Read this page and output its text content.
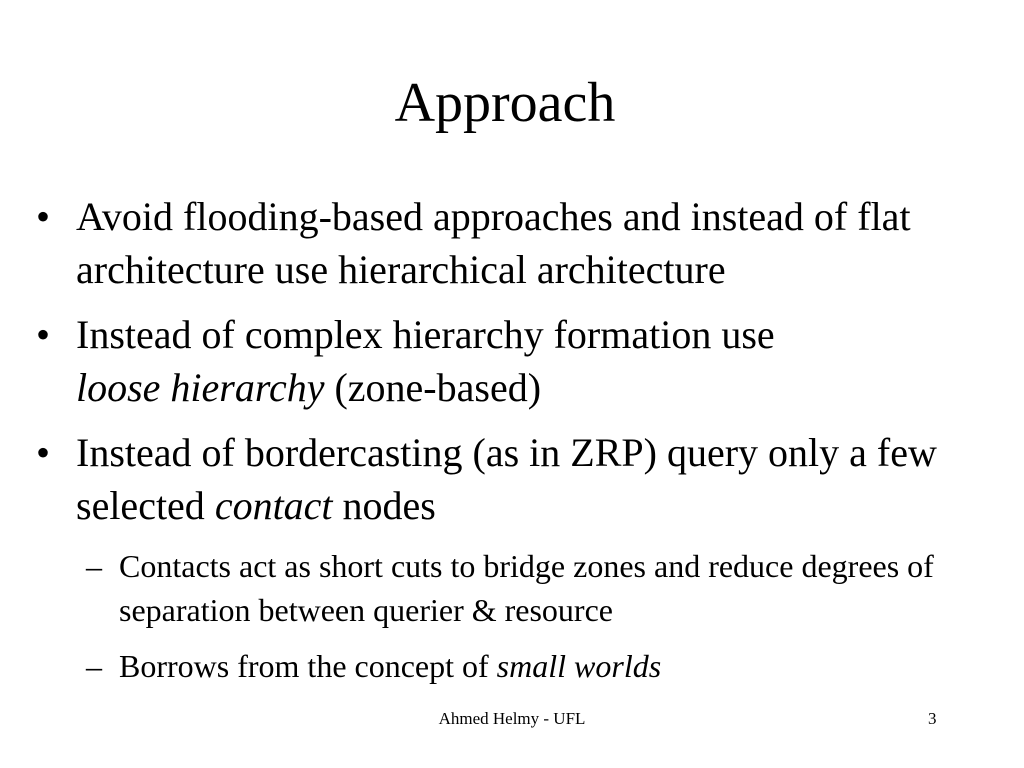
Approach
• Avoid flooding-based approaches and instead of flat architecture use hierarchical architecture
• Instead of complex hierarchy formation use
loose hierarchy (zone-based)
• Instead of bordercasting (as in ZRP) query only a few selected contact nodes
– Contacts act as short cuts to bridge zones and reduce degrees of separation between querier & resource
– Borrows from the concept of small worlds
Ahmed Helmy - UFL	3
